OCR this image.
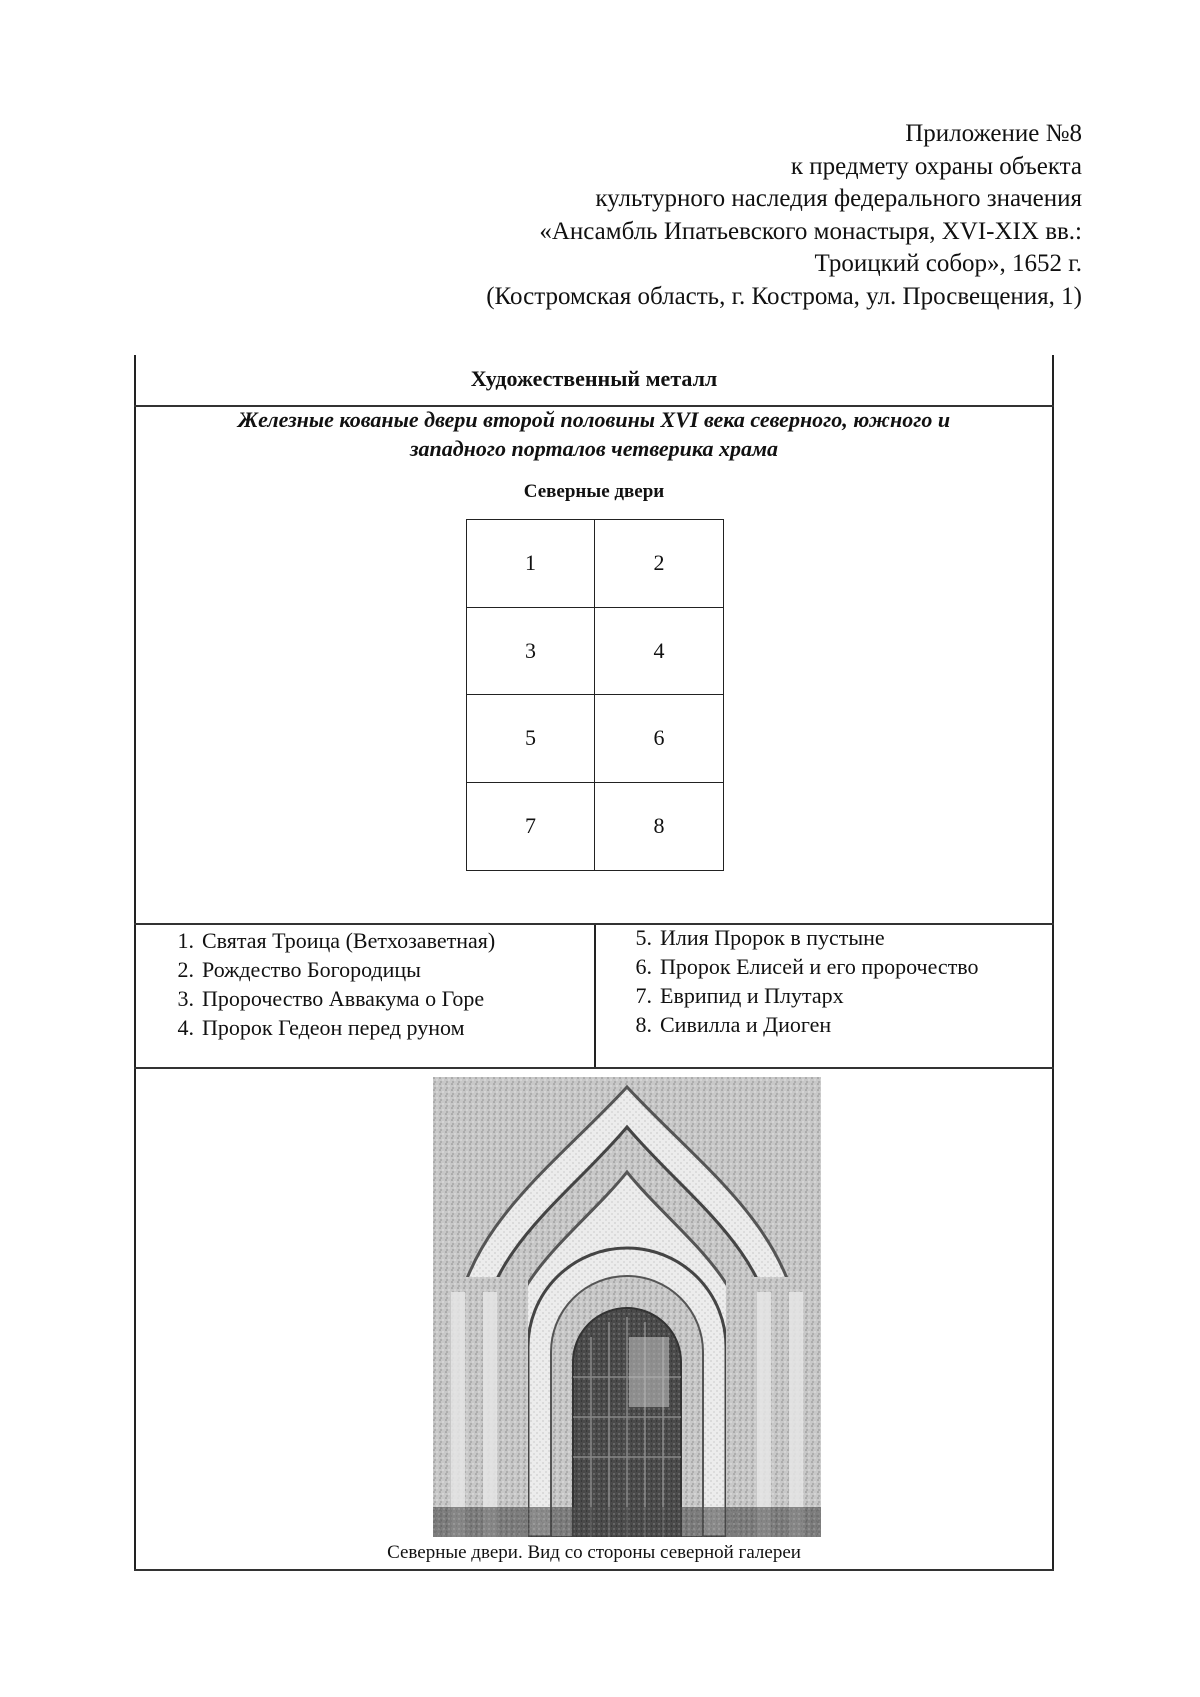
Приложение №8
к предмету охраны объекта
культурного наследия федерального значения
«Ансамбль Ипатьевского монастыря, XVI-XIX вв.:
Троицкий собор», 1652 г.
(Костромская область, г. Кострома, ул. Просвещения, 1)
Художественный металл
Железные кованые двери второй половины XVI века северного, южного и
западного порталов четверика храма
Северные двери
1	2
3	4
5	6
7	8
1. Святая Троица (Ветхозаветная)
2. Рождество Богородицы
3. Пророчество Аввакума о Горе
4. Пророк Гедеон перед руном
5. Илия Пророк в пустыне
6. Пророк Елисей и его пророчество
7. Еврипид и Плутарх
8. Сивилла и Диоген
Северные двери. Вид со стороны северной галереи
